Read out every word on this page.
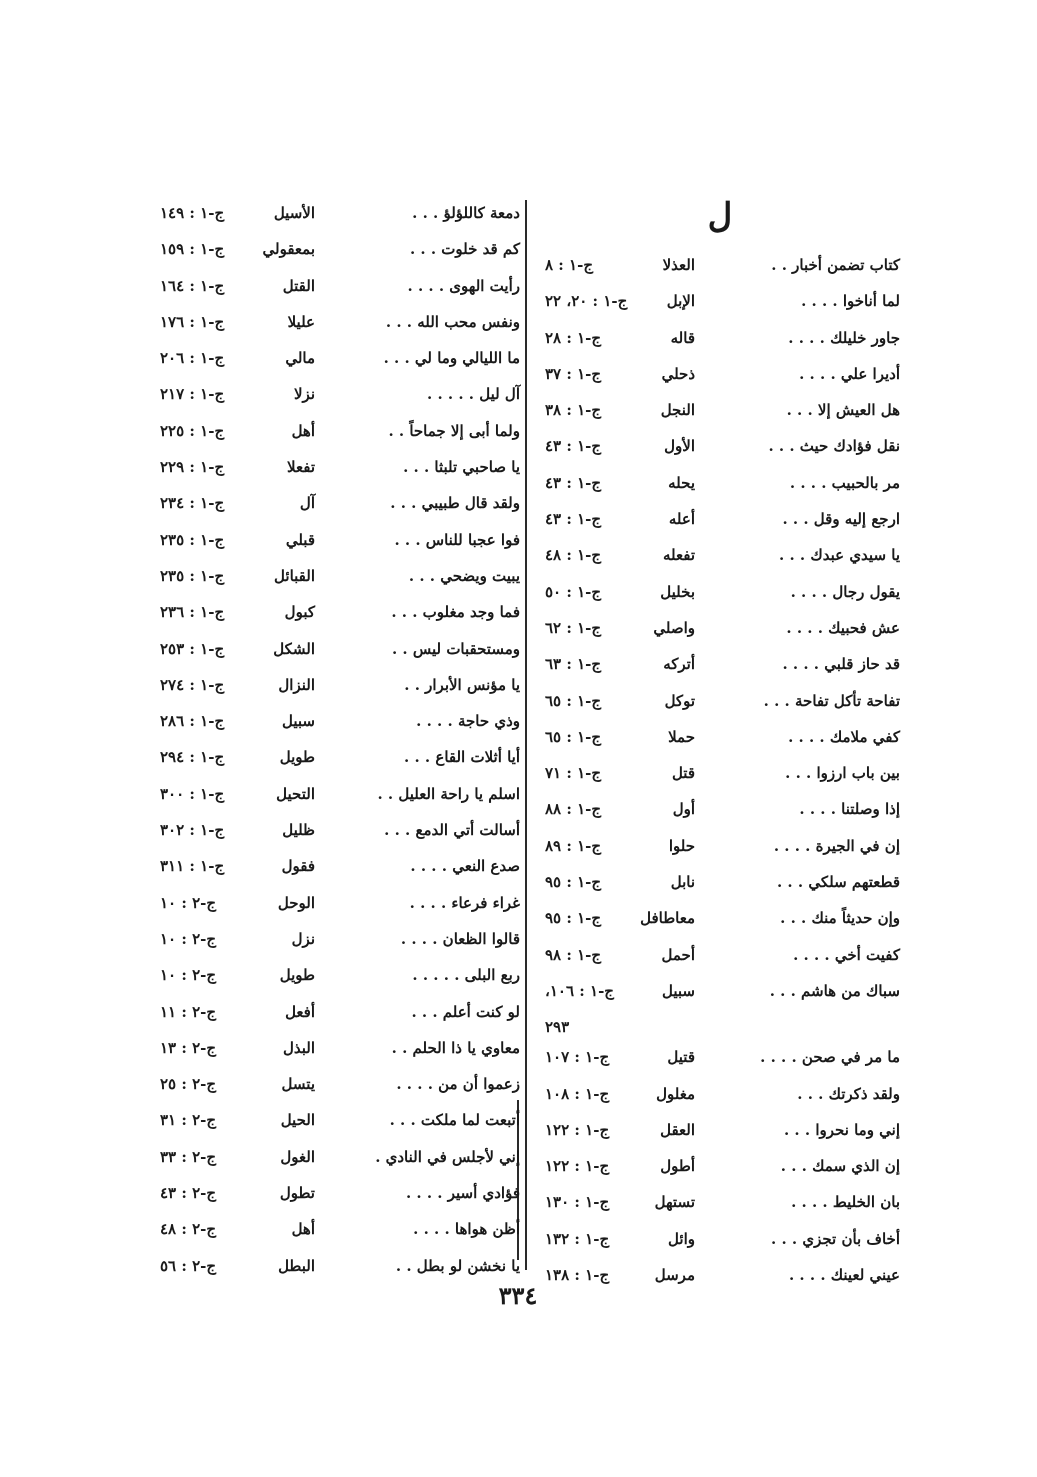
ل
كتاب تضمن أخبار . .
العذلا
ج-١ : ٨
لما أناخوا . . . .
الإبل
ج-١ : ٢٠، ٢٢
جاور خليلك . . . .
قاله
ج-١ : ٢٨
أديرا علي . . . .
ذحلي
ج-١ : ٣٧
هل العيش إلا . . .
النجل
ج-١ : ٣٨
نقل فؤادك حيث . . .
الأول
ج-١ : ٤٣
مر بالحبيب . . . .
يحله
ج-١ : ٤٣
ارجع إليه وقل . . .
أعله
ج-١ : ٤٣
يا سيدي عبدك . . .
تفعله
ج-١ : ٤٨
يقول رجال . . . .
بخليل
ج-١ : ٥٠
عش فحبيك . . . .
واصلي
ج-١ : ٦٢
قد حاز قلبي . . . .
أتركه
ج-١ : ٦٣
تفاحة تأكل تفاحة . . .
توكل
ج-١ : ٦٥
كفي ملامك . . . .
حملا
ج-١ : ٦٥
بين باب ارزوا . . .
قتل
ج-١ : ٧١
إذا وصلتنا . . . .
أول
ج-١ : ٨٨
إن في الجيرة . . . .
حلوا
ج-١ : ٨٩
قطعتهم سلكي . . .
نابل
ج-١ : ٩٥
وإن حديثاً منك . . .
معاطافل
ج-١ : ٩٥
كفيت أخي . . . .
أحمل
ج-١ : ٩٨
سباك من هاشم . . .
سبيل
ج-١ : ١٠٦،
٢٩٣
ما مر في صحن . . . .
قتيل
ج-١ : ١٠٧
ولقد ذكرتك . . .
مغلول
ج-١ : ١٠٨
إني وما نحروا . . .
العقل
ج-١ : ١٢٢
إن الذي سمك . . .
أطول
ج-١ : ١٢٢
بان الخليط . . . .
تستهل
ج-١ : ١٣٠
أخاف بأن تجزي . . .
وائل
ج-١ : ١٣٢
عيني لعينك . . . .
مرسل
ج-١ : ١٣٨
دمعة كاللؤلؤ . . .
الأسيل
ج-١ : ١٤٩
كم قد خلوت . . .
بمعقولي
ج-١ : ١٥٩
رأيت الهوى . . . .
القتل
ج-١ : ١٦٤
ونفس محب الله . . .
عليلا
ج-١ : ١٧٦
ما الليالي وما لي . . .
مالي
ج-١ : ٢٠٦
آل ليل . . . . .
نزلا
ج-١ : ٢١٧
ولما أبى إلا جماحاً . .
أهل
ج-١ : ٢٢٥
يا صاحبي تلبثا . . .
تفعلا
ج-١ : ٢٢٩
ولقد قال طبيبي . . .
آل
ج-١ : ٢٣٤
فوا عجبا للناس . . .
قبلي
ج-١ : ٢٣٥
يبيت ويضحي . . .
القبائل
ج-١ : ٢٣٥
فما وجد مغلوب . . .
كبول
ج-١ : ٢٣٦
ومستحقبات ليس . .
الشكل
ج-١ : ٢٥٣
يا مؤنس الأبرار . .
النزال
ج-١ : ٢٧٤
وذي حاجة . . . .
سبيل
ج-١ : ٢٨٦
أيا أثلات القاع . . .
طويل
ج-١ : ٢٩٤
اسلم يا راحة العليل . .
التحيل
ج-١ : ٣٠٠
أسالت أتي الدمع . . .
ظليل
ج-١ : ٣٠٢
صدع النعي . . . .
فقول
ج-١ : ٣١١
غراء فرعاء . . . .
الوحل
ج-٢ : ١٠
قالوا الظعان . . . .
نزل
ج-٢ : ١٠
ربع البلى . . . . .
طويل
ج-٢ : ١٠
لو كنت أعلم . . .
أفعل
ج-٢ : ١١
معاوي يا ذا الحلم . .
البذل
ج-٢ : ١٣
زعموا أن من . . . .
يتسل
ج-٢ : ٢٥
أتبعت لما ملكت . . .
الحيل
ج-٢ : ٣١
إني لأجلس في النادي .
الغول
ج-٢ : ٣٣
فؤادي أسير . . . .
تطول
ج-٢ : ٤٣
أظن هواها . . . .
أهل
ج-٢ : ٤٨
يا نخشن لو بطل . .
البطل
ج-٢ : ٥٦
٣٣٤
